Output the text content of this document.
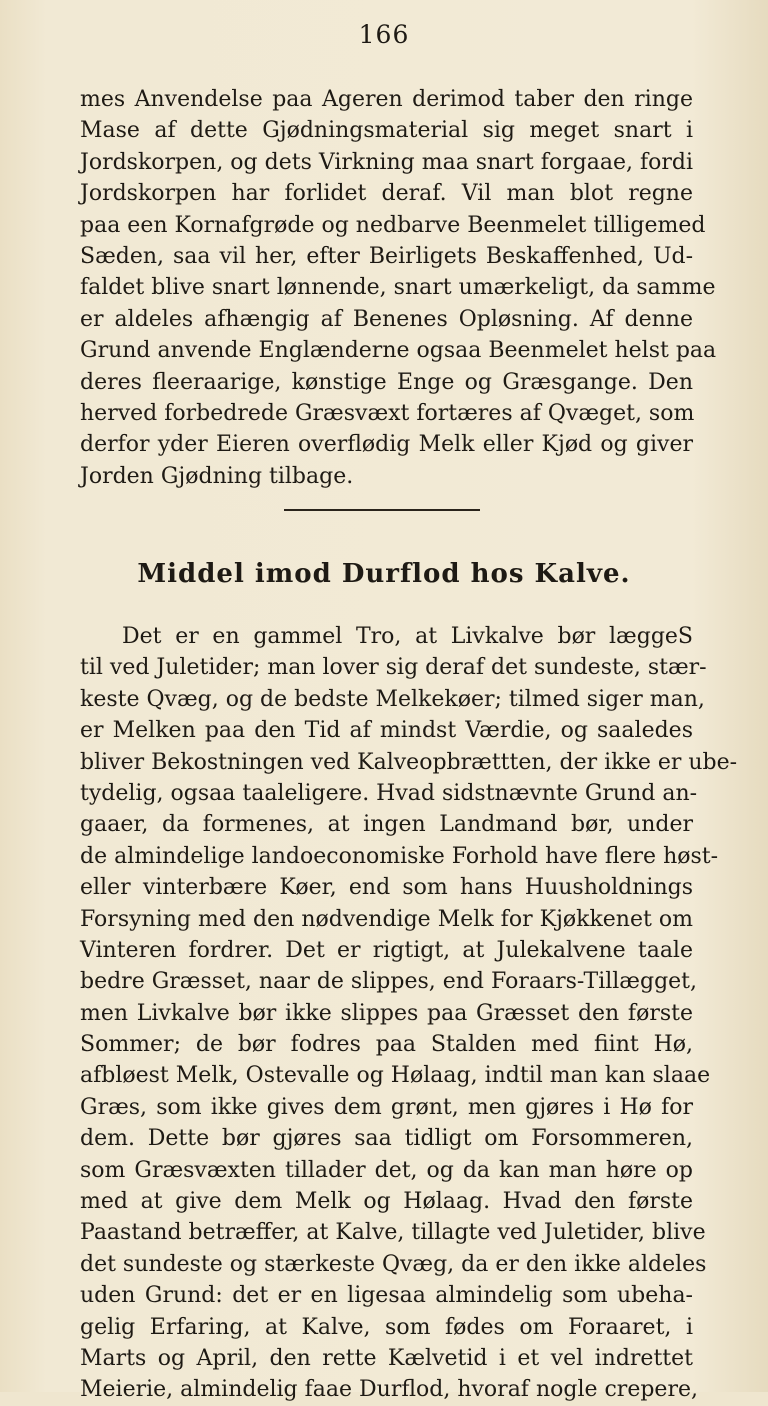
166
mes Anvendelse paa Ageren derimod taber den ringe
Mase af dette Gjødningsmaterial sig meget snart i
Jordskorpen, og dets Virkning maa snart forgaae, fordi
Jordskorpen har forlidet deraf. Vil man blot regne
paa een Kornafgrøde og nedbarve Beenmelet tilligemed
Sæden, saa vil her, efter Beirligets Beskaffenhed, Ud-
faldet blive snart lønnende, snart umærkeligt, da samme
er aldeles afhængig af Benenes Opløsning. Af denne
Grund anvende Englænderne ogsaa Beenmelet helst paa
deres fleeraarige, kønstige Enge og Græsgange. Den
herved forbedrede Græsvæxt fortæres af Qvæget, som
derfor yder Eieren overflødig Melk eller Kjød og giver
Jorden Gjødning tilbage.
Middel imod Durflod hos Kalve.
Det er en gammel Tro, at Livkalve bør læggeS
til ved Juletider; man lover sig deraf det sundeste, stær-
keste Qvæg, og de bedste Melkekøer; tilmed siger man,
er Melken paa den Tid af mindst Værdie, og saaledes
bliver Bekostningen ved Kalveopbrættten, der ikke er ube-
tydelig, ogsaa taaleligere. Hvad sidstnævnte Grund an-
gaaer, da formenes, at ingen Landmand bør, under
de almindelige landoeconomiske Forhold have flere høst-
eller vinterbære Køer, end som hans Huusholdnings
Forsyning med den nødvendige Melk for Kjøkkenet om
Vinteren fordrer. Det er rigtigt, at Julekalvene taale
bedre Græsset, naar de slippes, end Foraars-Tillægget,
men Livkalve bør ikke slippes paa Græsset den første
Sommer; de bør fodres paa Stalden med fiint Hø,
afbløest Melk, Ostevalle og Hølaag, indtil man kan slaae
Græs, som ikke gives dem grønt, men gjøres i Hø for
dem. Dette bør gjøres saa tidligt om Forsommeren,
som Græsvæxten tillader det, og da kan man høre op
med at give dem Melk og Hølaag. Hvad den første
Paastand betræffer, at Kalve, tillagte ved Juletider, blive
det sundeste og stærkeste Qvæg, da er den ikke aldeles
uden Grund: det er en ligesaa almindelig som ubeha-
gelig Erfaring, at Kalve, som fødes om Foraaret, i
Marts og April, den rette Kælvetid i et vel indrettet
Meierie, almindelig faae Durflod, hvoraf nogle crepere,
